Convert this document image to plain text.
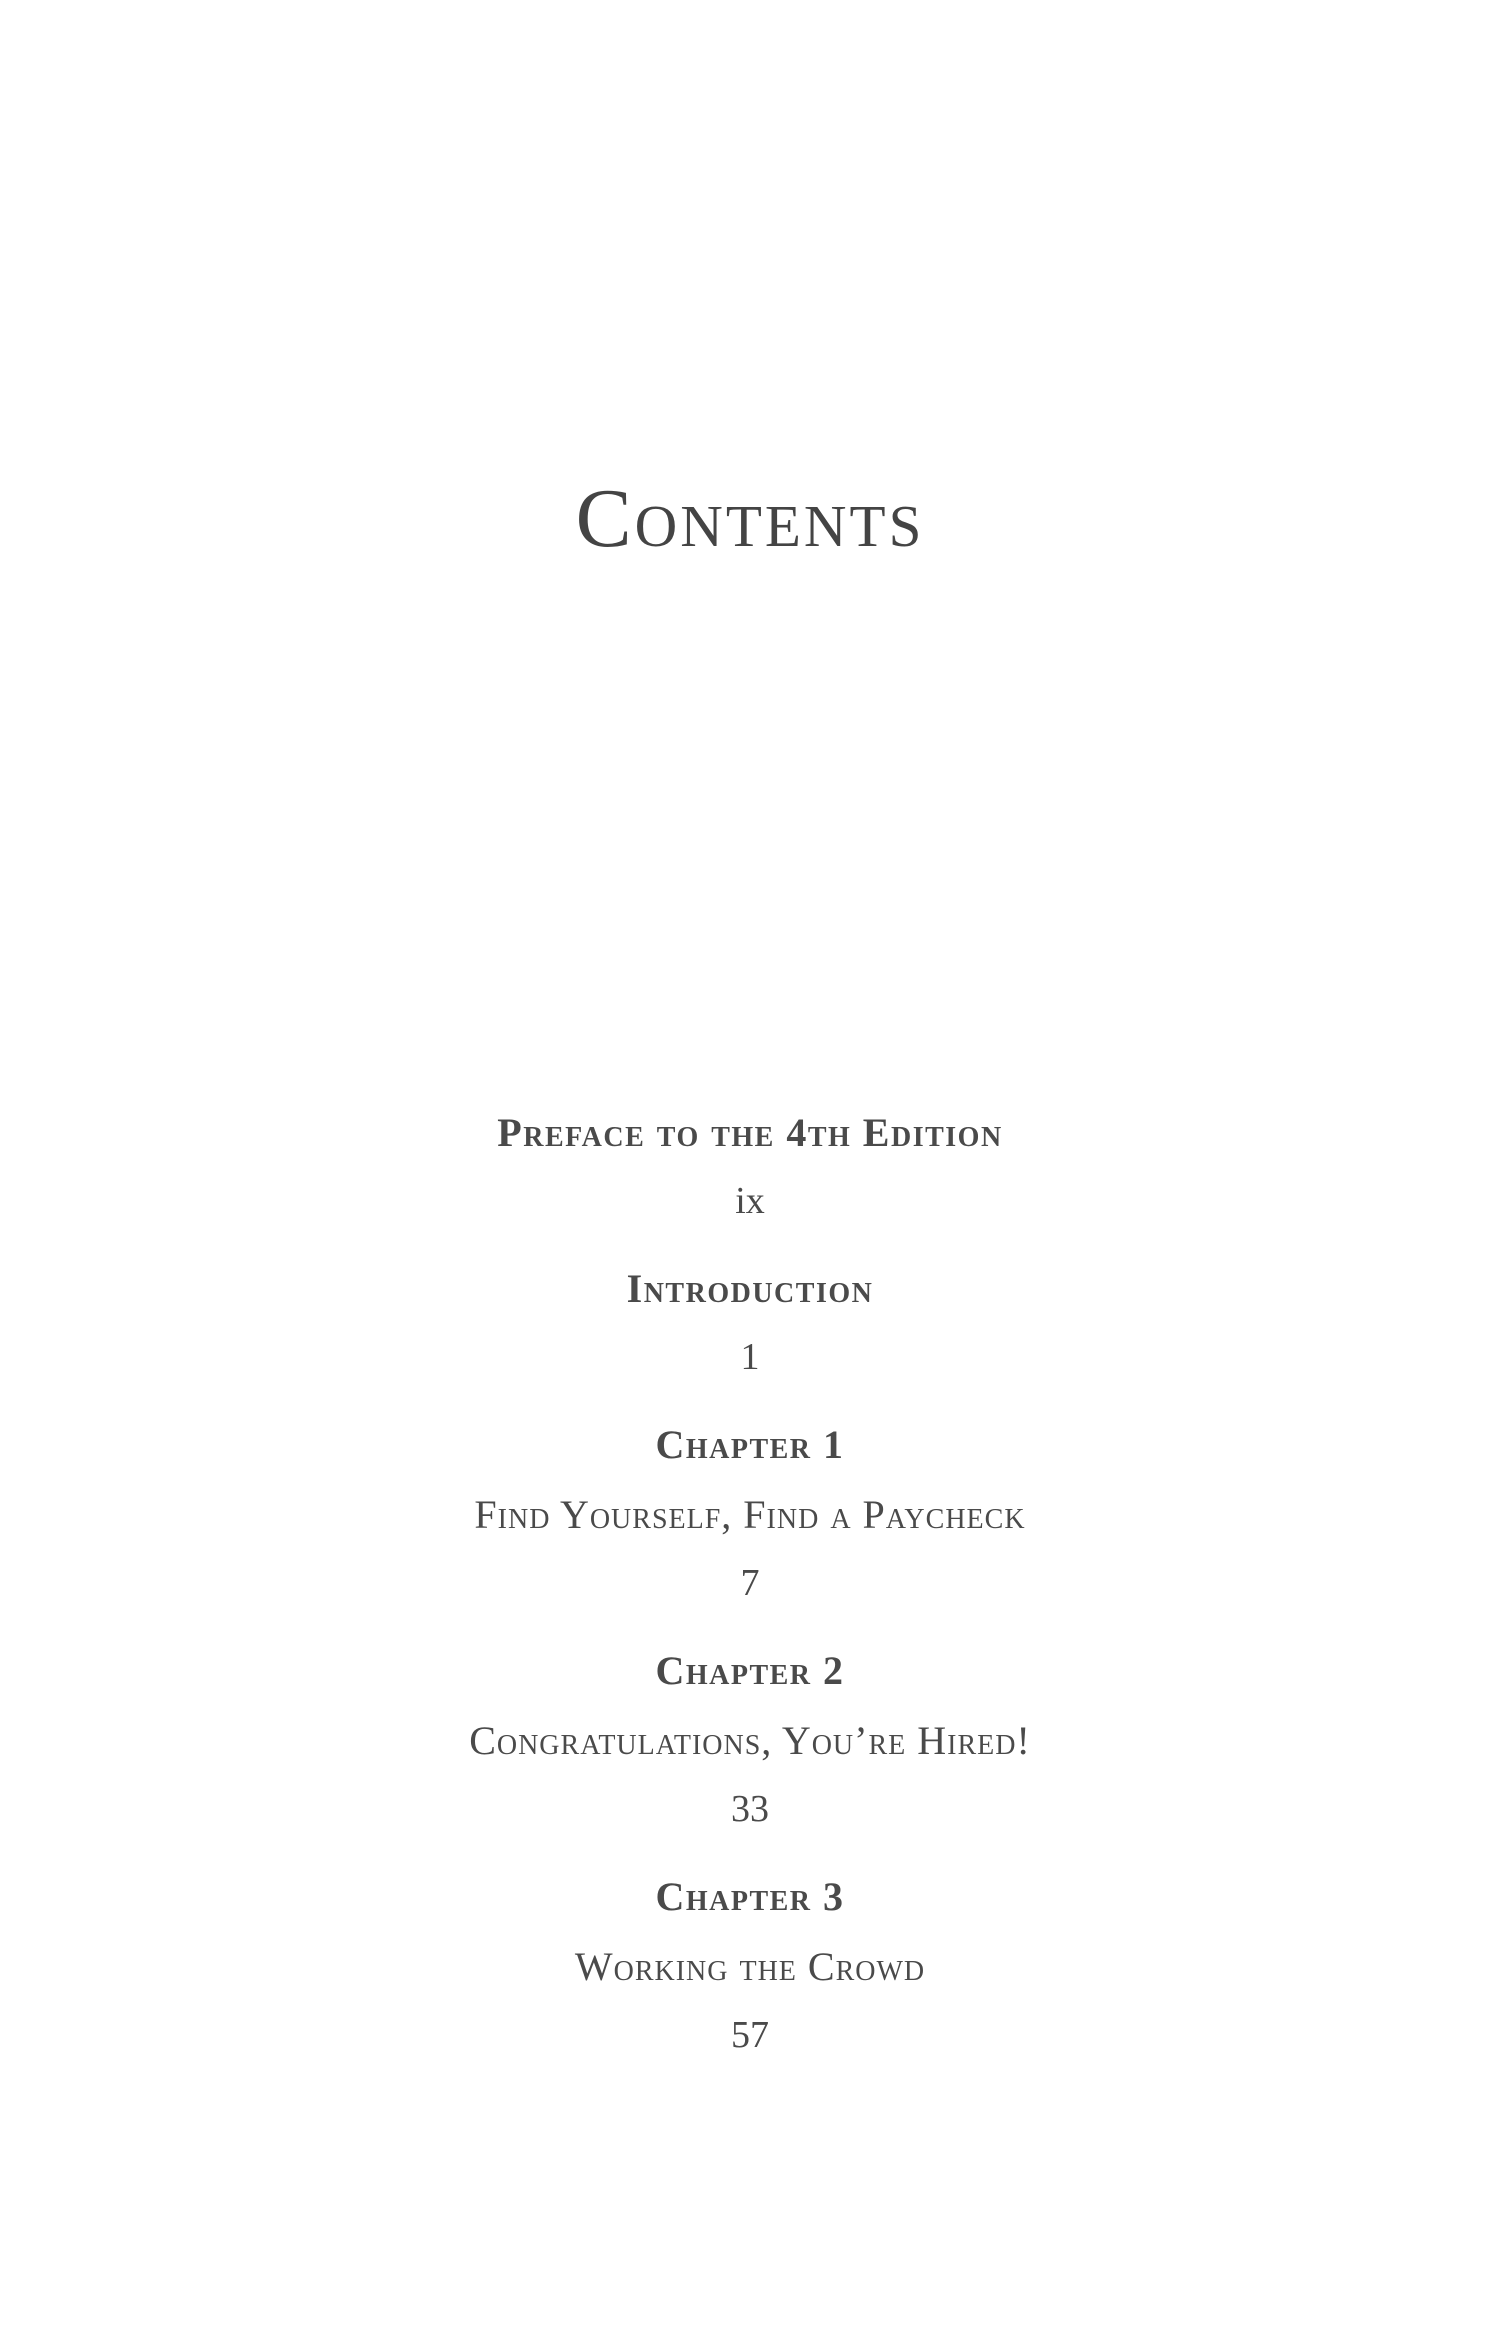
Contents
Preface to the 4th Edition
ix
Introduction
1
Chapter 1
Find Yourself, Find a Paycheck
7
Chapter 2
Congratulations, You’re Hired!
33
Chapter 3
Working the Crowd
57
